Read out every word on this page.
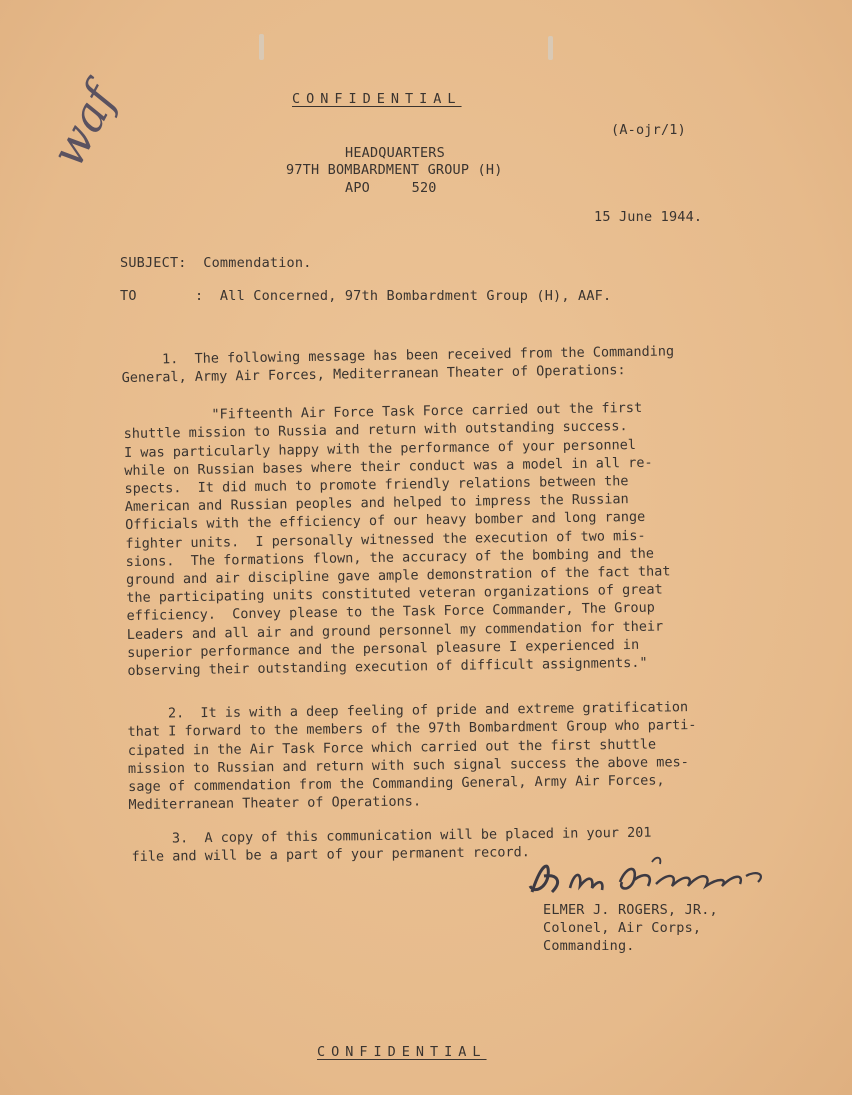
waf	CONFIDENTIAL
(A-ojr/1)
HEADQUARTERS
97TH BOMBARDMENT GROUP (H)
APO     520
15 June 1944.
SUBJECT:  Commendation.
TO       :  All Concerned, 97th Bombardment Group (H), AAF.

1.  The following message has been received from the Commanding
General, Army Air Forces, Mediterranean Theater of Operations:

"Fifteenth Air Force Task Force carried out the first
shuttle mission to Russia and return with outstanding success.
I was particularly happy with the performance of your personnel
while on Russian bases where their conduct was a model in all re-
spects.  It did much to promote friendly relations between the
American and Russian peoples and helped to impress the Russian
Officials with the efficiency of our heavy bomber and long range
fighter units.  I personally witnessed the execution of two mis-
sions.  The formations flown, the accuracy of the bombing and the
ground and air discipline gave ample demonstration of the fact that
the participating units constituted veteran organizations of great
efficiency.  Convey please to the Task Force Commander, The Group
Leaders and all air and ground personnel my commendation for their
superior performance and the personal pleasure I experienced in
observing their outstanding execution of difficult assignments."

2.  It is with a deep feeling of pride and extreme gratification
that I forward to the members of the 97th Bombardment Group who parti-
cipated in the Air Task Force which carried out the first shuttle
mission to Russian and return with such signal success the above mes-
sage of commendation from the Commanding General, Army Air Forces,
Mediterranean Theater of Operations.

3.  A copy of this communication will be placed in your 201
file and will be a part of your permanent record.
ELMER J. ROGERS, JR.,
Colonel, Air Corps,
Commanding.
CONFIDENTIAL
